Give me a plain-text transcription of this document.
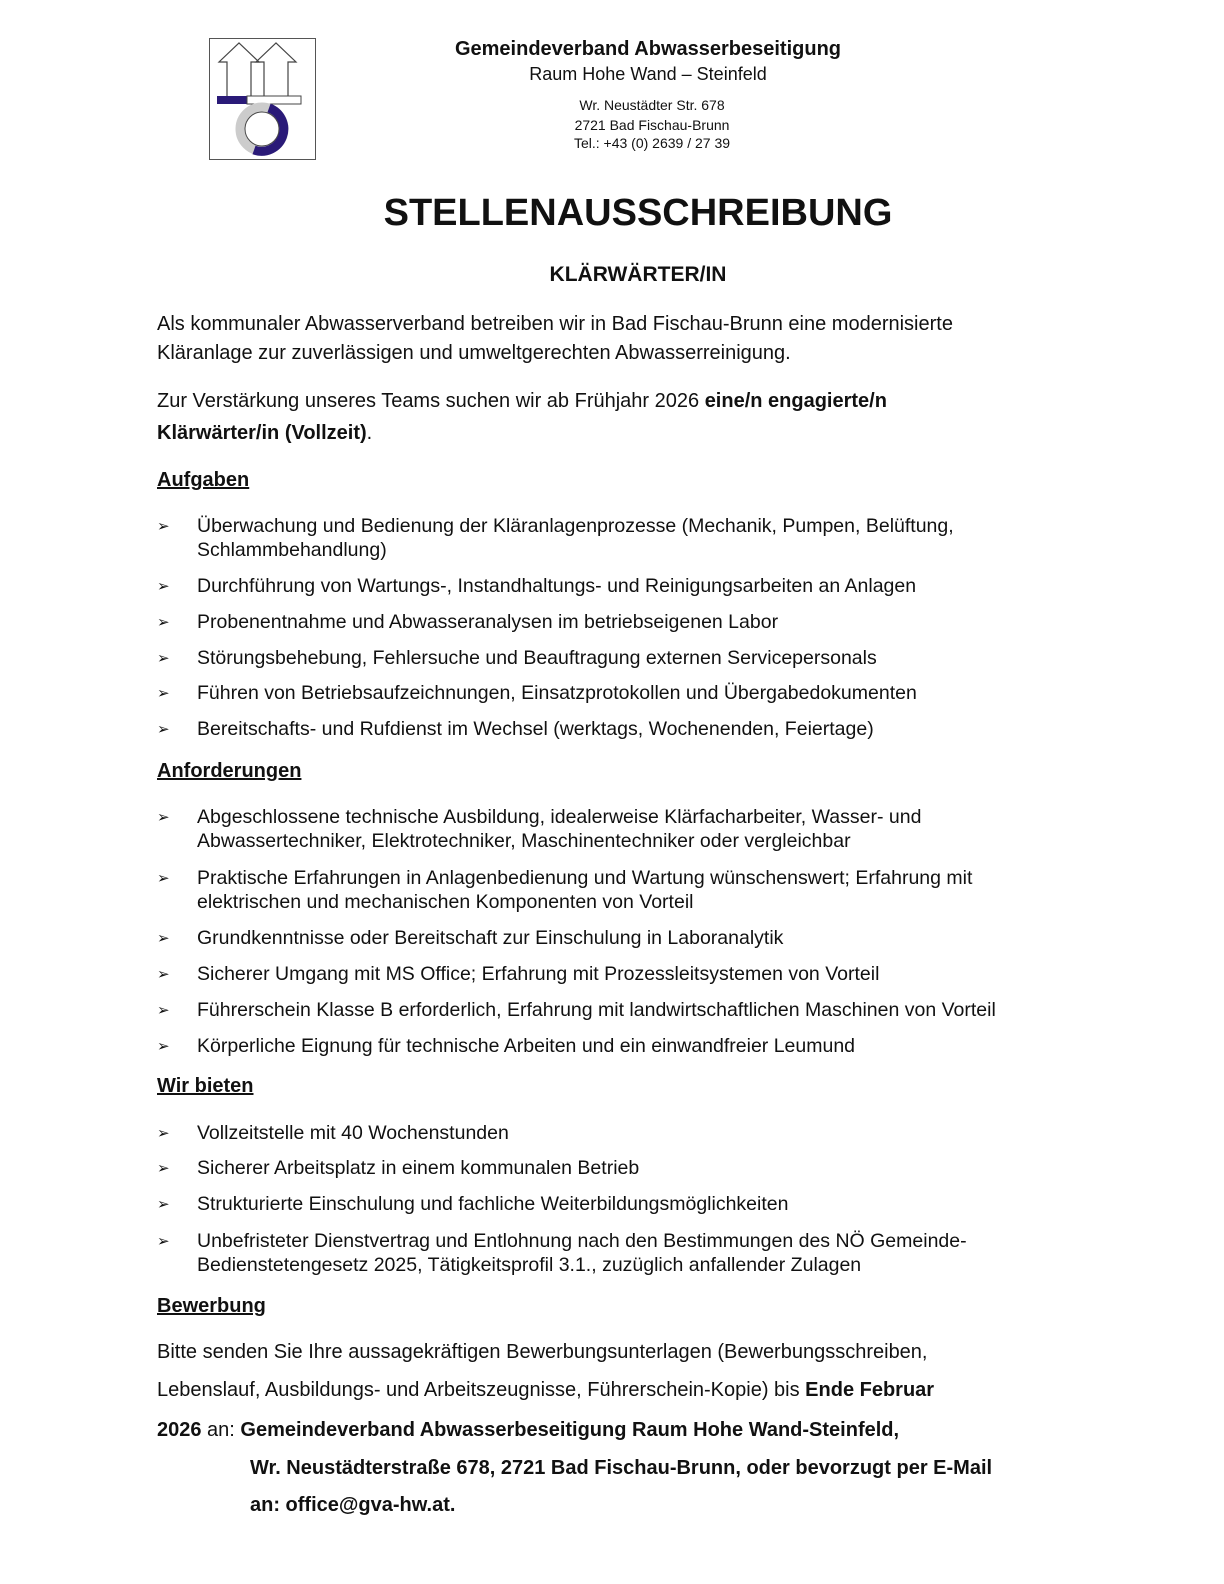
Gemeindeverband Abwasserbeseitigung
Raum Hohe Wand – Steinfeld
Wr. Neustädter Str. 678
2721 Bad Fischau-Brunn
Tel.: +43 (0) 2639 / 27 39
STELLENAUSSCHREIBUNG
KLÄRWÄRTER/IN
Als kommunaler Abwasserverband betreiben wir in Bad Fischau-Brunn eine modernisierte
Kläranlage zur zuverlässigen und umweltgerechten Abwasserreinigung.
Zur Verstärkung unseres Teams suchen wir ab Frühjahr 2026 eine/n engagierte/n
Klärwärter/in (Vollzeit).
Aufgaben
➢ Überwachung und Bedienung der Kläranlagenprozesse (Mechanik, Pumpen, Belüftung,
Schlammbehandlung)
➢ Durchführung von Wartungs-, Instandhaltungs- und Reinigungsarbeiten an Anlagen
➢ Probenentnahme und Abwasseranalysen im betriebseigenen Labor
➢ Störungsbehebung, Fehlersuche und Beauftragung externen Servicepersonals
➢ Führen von Betriebsaufzeichnungen, Einsatzprotokollen und Übergabedokumenten
➢ Bereitschafts- und Rufdienst im Wechsel (werktags, Wochenenden, Feiertage)
Anforderungen
➢ Abgeschlossene technische Ausbildung, idealerweise Klärfacharbeiter, Wasser- und
Abwassertechniker, Elektrotechniker, Maschinentechniker oder vergleichbar
➢ Praktische Erfahrungen in Anlagenbedienung und Wartung wünschenswert; Erfahrung mit
elektrischen und mechanischen Komponenten von Vorteil
➢ Grundkenntnisse oder Bereitschaft zur Einschulung in Laboranalytik
➢ Sicherer Umgang mit MS Office; Erfahrung mit Prozessleitsystemen von Vorteil
➢ Führerschein Klasse B erforderlich, Erfahrung mit landwirtschaftlichen Maschinen von Vorteil
➢ Körperliche Eignung für technische Arbeiten und ein einwandfreier Leumund
Wir bieten
➢ Vollzeitstelle mit 40 Wochenstunden
➢ Sicherer Arbeitsplatz in einem kommunalen Betrieb
➢ Strukturierte Einschulung und fachliche Weiterbildungsmöglichkeiten
➢ Unbefristeter Dienstvertrag und Entlohnung nach den Bestimmungen des NÖ Gemeinde-
Bedienstetengesetz 2025, Tätigkeitsprofil 3.1., zuzüglich anfallender Zulagen
Bewerbung
Bitte senden Sie Ihre aussagekräftigen Bewerbungsunterlagen (Bewerbungsschreiben,
Lebenslauf, Ausbildungs- und Arbeitszeugnisse, Führerschein-Kopie) bis Ende Februar
2026 an: Gemeindeverband Abwasserbeseitigung Raum Hohe Wand-Steinfeld,
Wr. Neustädterstraße 678, 2721 Bad Fischau-Brunn, oder bevorzugt per E-Mail
an: office@gva-hw.at.
